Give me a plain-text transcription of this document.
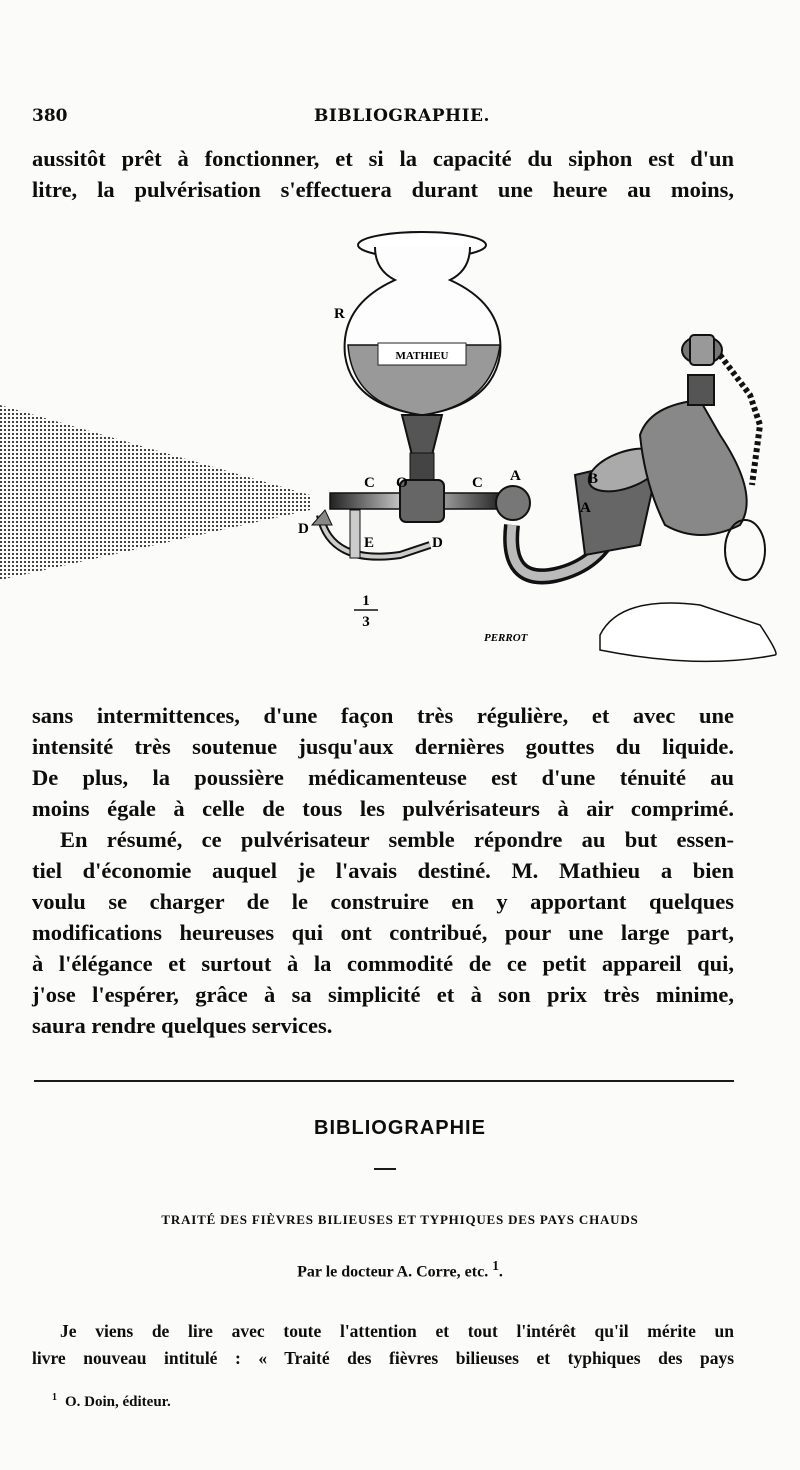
380	BIBLIOGRAPHIE.
aussitôt prêt à fonctionner, et si la capacité du siphon est d'un
litre, la pulvérisation s'effectuera durant une heure au moins,
MATHIEU
R
C O	C A	B
A
D
E	D
1
3
PERROT
sans intermittences, d'une façon très régulière, et avec une
intensité très soutenue jusqu'aux dernières gouttes du liquide.
De plus, la poussière médicamenteuse est d'une ténuité au
moins égale à celle de tous les pulvérisateurs à air comprimé.
En résumé, ce pulvérisateur semble répondre au but essen-
tiel d'économie auquel je l'avais destiné. M. Mathieu a bien
voulu se charger de le construire en y apportant quelques
modifications heureuses qui ont contribué, pour une large part,
à l'élégance et surtout à la commodité de ce petit appareil qui,
j'ose l'espérer, grâce à sa simplicité et à son prix très minime,
saura rendre quelques services.
BIBLIOGRAPHIE
TRAITÉ DES FIÈVRES BILIEUSES ET TYPHIQUES DES PAYS CHAUDS
Par le docteur A. Corre, etc. $^1$.
Je viens de lire avec toute l'attention et tout l'intérêt qu'il mérite un
livre nouveau intitulé : « Traité des fièvres bilieuses et typhiques des pays
$^1$ O. Doin, éditeur.
